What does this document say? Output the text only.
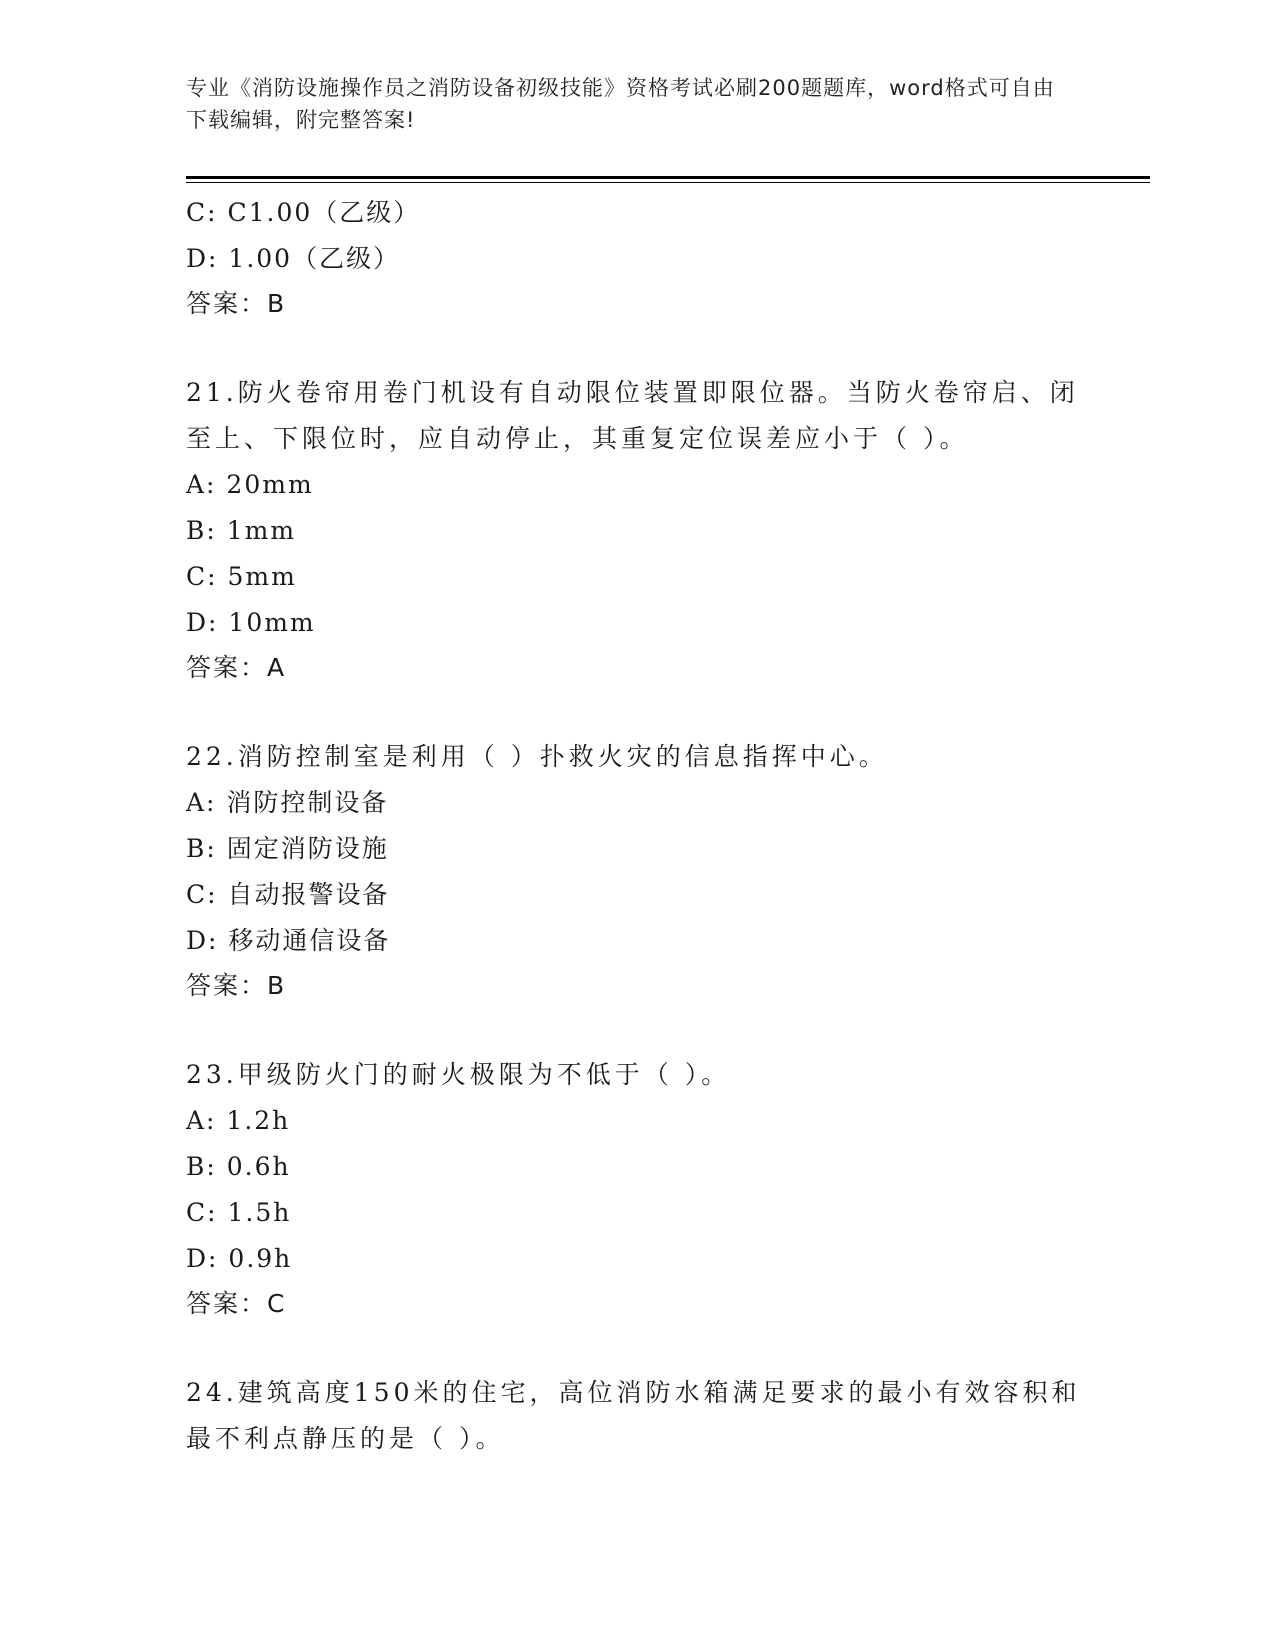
专业《消防设施操作员之消防设备初级技能》资格考试必刷200题题库，word格式可自由下载编辑，附完整答案!
C: C1.00（乙级）
D: 1.00（乙级）
答案：B
21.防火卷帘用卷门机设有自动限位装置即限位器。当防火卷帘启、闭至上、下限位时，应自动停止，其重复定位误差应小于（ ）。
A: 20mm
B: 1mm
C: 5mm
D: 10mm
答案：A
22.消防控制室是利用（ ）扑救火灾的信息指挥中心。
A: 消防控制设备
B: 固定消防设施
C: 自动报警设备
D: 移动通信设备
答案：B
23.甲级防火门的耐火极限为不低于（ ）。
A: 1.2h
B: 0.6h
C: 1.5h
D: 0.9h
答案：C
24.建筑高度150米的住宅，高位消防水箱满足要求的最小有效容积和最不利点静压的是（ ）。
